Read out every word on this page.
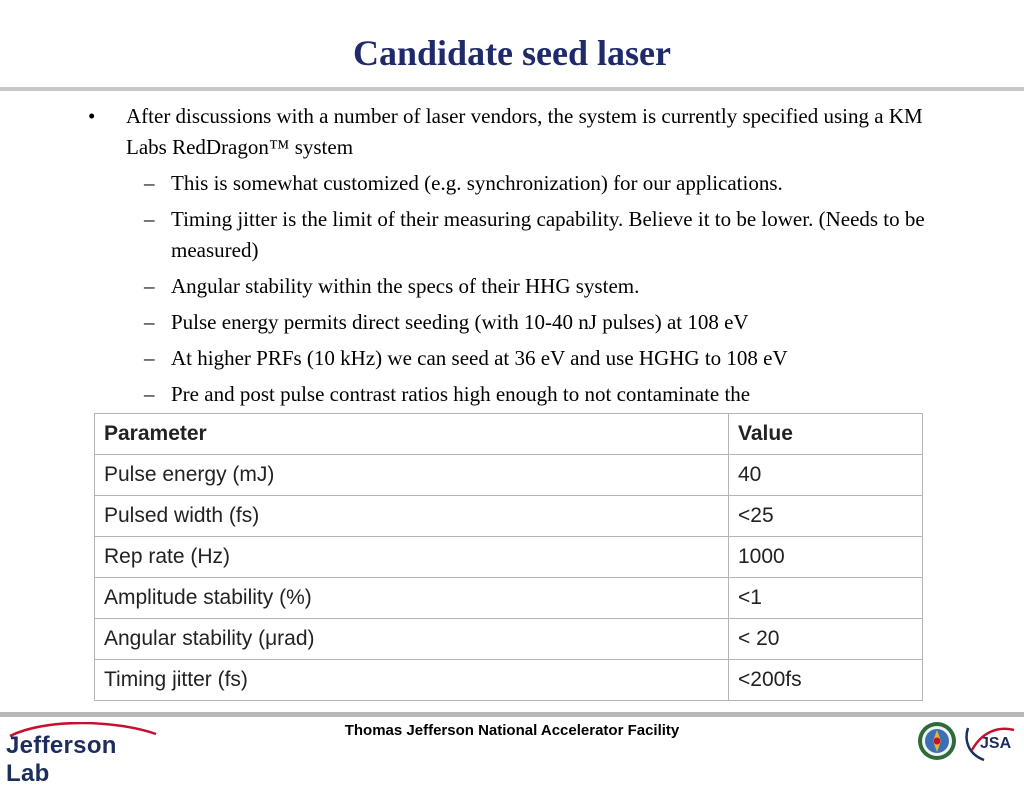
Candidate seed laser
• After discussions with a number of laser vendors, the system is currently specified using a KM Labs RedDragon™ system
– This is somewhat customized (e.g. synchronization) for our applications.
– Timing jitter is the limit of their measuring capability. Believe it to be lower. (Needs to be measured)
– Angular stability within the specs of their HHG system.
– Pulse energy permits direct seeding (with 10-40 nJ pulses) at 108 eV
– At higher PRFs (10 kHz) we can seed at 36 eV and use HGHG to 108 eV
– Pre and post pulse contrast ratios high enough to not contaminate the
Parameter	Value
Pulse energy (mJ)	40
Pulsed width (fs)	<25
Rep rate (Hz)	1000
Amplitude stability (%)	<1
Angular stability (μrad)	< 20
Timing jitter (fs)	<200fs
Jefferson Lab
Thomas Jefferson National Accelerator Facility
JSA
